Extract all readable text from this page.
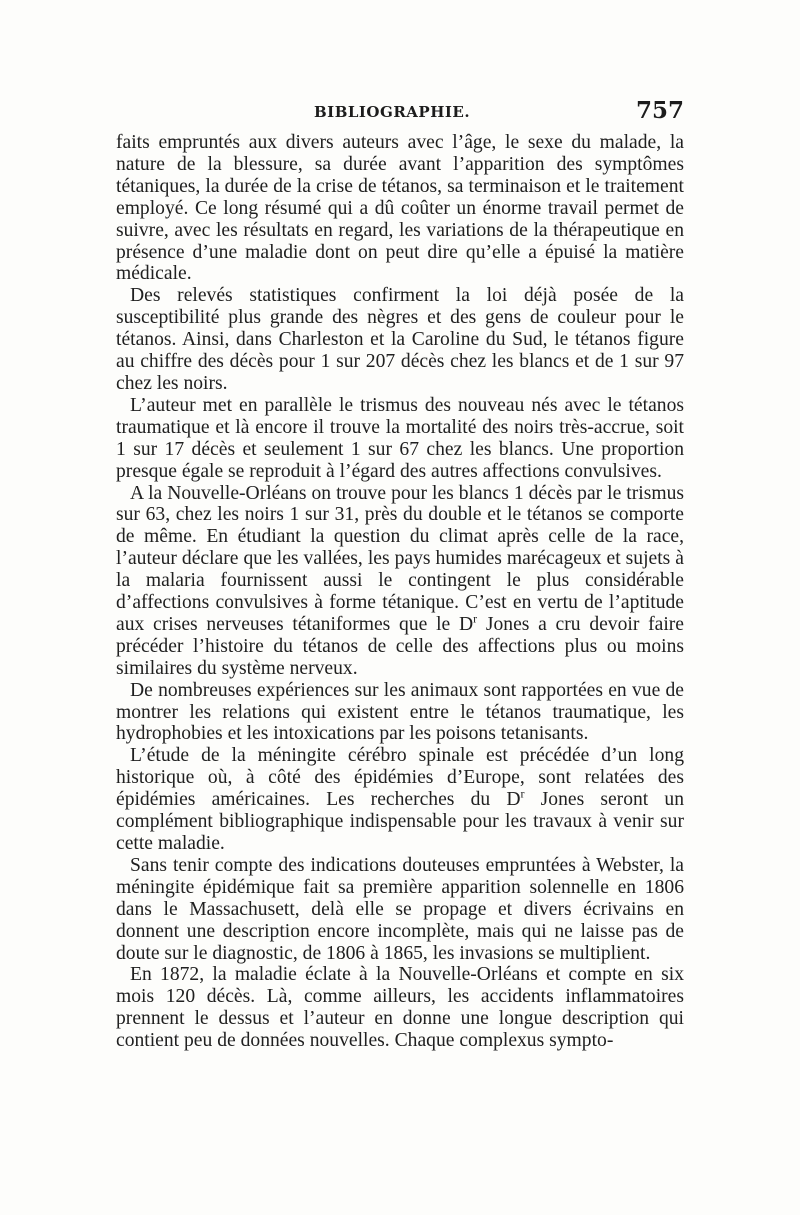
BIBLIOGRAPHIE.	757

faits empruntés aux divers auteurs avec l’âge, le sexe du malade, la nature de la blessure, sa durée avant l’apparition des symptômes tétaniques, la durée de la crise de tétanos, sa terminaison et le traitement employé. Ce long résumé qui a dû coûter un énorme travail permet de suivre, avec les résultats en regard, les variations de la thérapeutique en présence d’une maladie dont on peut dire qu’elle a épuisé la matière médicale.

Des relevés statistiques confirment la loi déjà posée de la susceptibilité plus grande des nègres et des gens de couleur pour le tétanos. Ainsi, dans Charleston et la Caroline du Sud, le tétanos figure au chiffre des décès pour 1 sur 207 décès chez les blancs et de 1 sur 97 chez les noirs.

L’auteur met en parallèle le trismus des nouveau nés avec le tétanos traumatique et là encore il trouve la mortalité des noirs très-accrue, soit 1 sur 17 décès et seulement 1 sur 67 chez les blancs. Une proportion presque égale se reproduit à l’égard des autres affections convulsives.

A la Nouvelle-Orléans on trouve pour les blancs 1 décès par le trismus sur 63, chez les noirs 1 sur 31, près du double et le tétanos se comporte de même. En étudiant la question du climat après celle de la race, l’auteur déclare que les vallées, les pays humides marécageux et sujets à la malaria fournissent aussi le contingent le plus considérable d’affections convulsives à forme tétanique. C’est en vertu de l’aptitude aux crises nerveuses tétaniformes que le $D^r$ Jones a cru devoir faire précéder l’histoire du tétanos de celle des affections plus ou moins similaires du système nerveux.

De nombreuses expériences sur les animaux sont rapportées en vue de montrer les relations qui existent entre le tétanos traumatique, les hydrophobies et les intoxications par les poisons tetanisants.

L’étude de la méningite cérébro spinale est précédée d’un long historique où, à côté des épidémies d’Europe, sont relatées des épidémies américaines. Les recherches du $D^r$ Jones seront un complément bibliographique indispensable pour les travaux à venir sur cette maladie.

Sans tenir compte des indications douteuses empruntées à Webster, la méningite épidémique fait sa première apparition solennelle en 1806 dans le Massachusett, delà elle se propage et divers écrivains en donnent une description encore incomplète, mais qui ne laisse pas de doute sur le diagnostic, de 1806 à 1865, les invasions se multiplient.

En 1872, la maladie éclate à la Nouvelle-Orléans et compte en six mois 120 décès. Là, comme ailleurs, les accidents inflammatoires prennent le dessus et l’auteur en donne une longue description qui contient peu de données nouvelles. Chaque complexus sympto-
